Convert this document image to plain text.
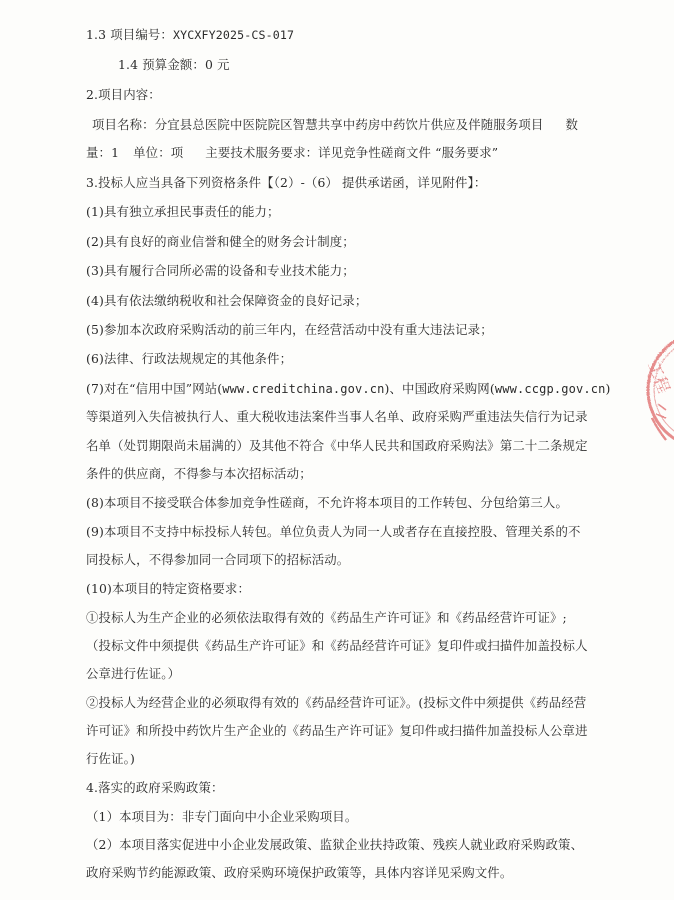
1.3 项目编号：XYCXFY2025-CS-017
1.4 预算金额：0 元
2.项目内容：
项目名称：分宜县总医院中医院院区智慧共享中药房中药饮片供应及伴随服务项目 数
量：1 单位：项 主要技术服务要求：详见竞争性磋商文件 “服务要求”
3.投标人应当具备下列资格条件【（2）-（6） 提供承诺函，详见附件】：
(1)具有独立承担民事责任的能力；
(2)具有良好的商业信誉和健全的财务会计制度；
(3)具有履行合同所必需的设备和专业技术能力；
(4)具有依法缴纳税收和社会保障资金的良好记录；
(5)参加本次政府采购活动的前三年内，在经营活动中没有重大违法记录；
(6)法律、行政法规规定的其他条件；
(7)对在“信用中国”网站(www.creditchina.gov.cn)、中国政府采购网(www.ccgp.gov.cn)
等渠道列入失信被执行人、重大税收违法案件当事人名单、政府采购严重违法失信行为记录
名单（处罚期限尚未届满的）及其他不符合《中华人民共和国政府采购法》第二十二条规定
条件的供应商，不得参与本次招标活动；
(8)本项目不接受联合体参加竞争性磋商，不允许将本项目的工作转包、分包给第三人。
(9)本项目不支持中标投标人转包。单位负责人为同一人或者存在直接控股、管理关系的不
同投标人，不得参加同一合同项下的招标活动。
(10)本项目的特定资格要求：
①投标人为生产企业的必须依法取得有效的《药品生产许可证》和《药品经营许可证》;
（投标文件中须提供《药品生产许可证》和《药品经营许可证》复印件或扫描件加盖投标人
公章进行佐证。）
②投标人为经营企业的必须取得有效的《药品经营许可证》。(投标文件中须提供《药品经营
许可证》和所投中药饮片生产企业的《药品生产许可证》复印件或扫描件加盖投标人公章进
行佐证。)
4.落实的政府采购政策：
（1）本项目为：非专门面向中小企业采购项目。
（2）本项目落实促进中小企业发展政策、监狱企业扶持政策、残疾人就业政府采购政策、
政府采购节约能源政策、政府采购环境保护政策等，具体内容详见采购文件。
工程
